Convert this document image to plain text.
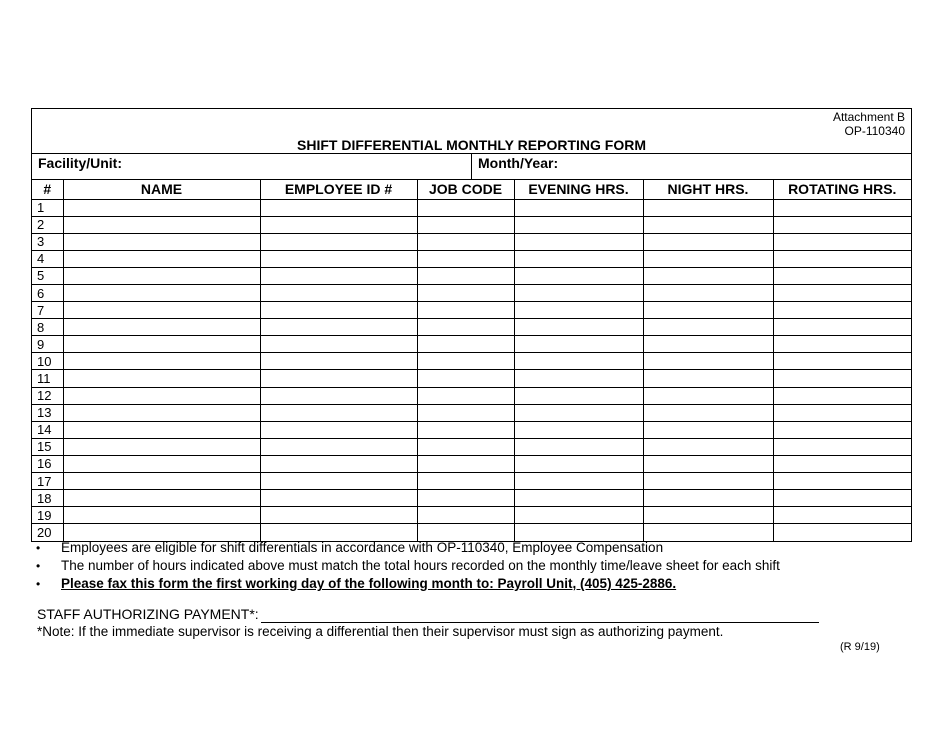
Attachment B
OP-110340
SHIFT DIFFERENTIAL MONTHLY REPORTING FORM
Facility/Unit:	Month/Year:
#	NAME	EMPLOYEE ID #	JOB CODE	EVENING HRS.	NIGHT HRS.	ROTATING HRS.
1						
2						
3						
4						
5						
6						
7						
8						
9						
10						
11						
12						
13						
14						
15						
16						
17						
18						
19						
20						
• Employees are eligible for shift differentials in accordance with OP-110340, Employee Compensation
• The number of hours indicated above must match the total hours recorded on the monthly time/leave sheet for each shift
• Please fax this form the first working day of the following month to: Payroll Unit, (405) 425-2886.
STAFF AUTHORIZING PAYMENT*:
*Note: If the immediate supervisor is receiving a differential then their supervisor must sign as authorizing payment.
(R 9/19)
